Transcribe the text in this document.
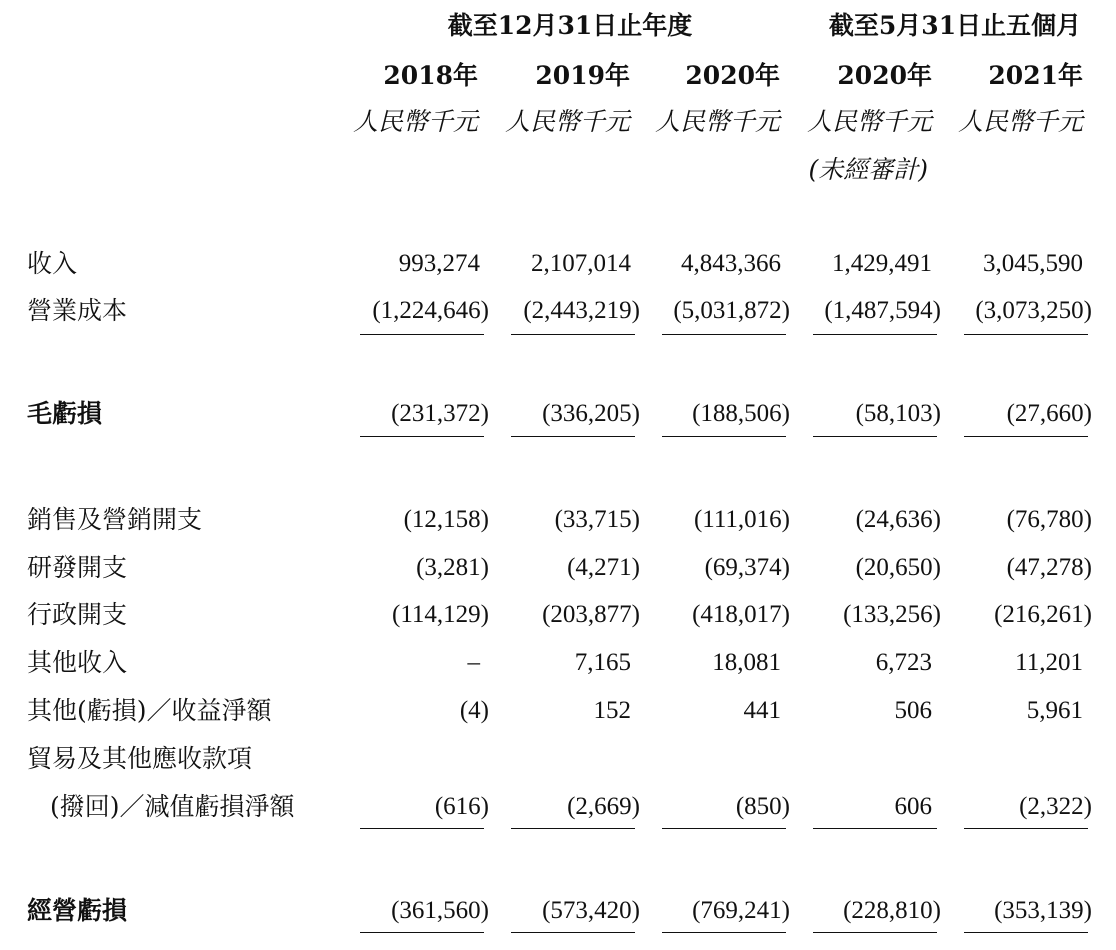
截至12月31日止年度	截至5月31日止五個月
2018年	2019年	2020年	2020年	2021年
人民幣千元	人民幣千元 人民幣千元	人民幣千元	人民幣千元
(未經審計)
收入	993,274	2,107,014	4,843,366	1,429,491	3,045,590
營業成本	(1,224,646)	(2,443,219)	(5,031,872)	(1,487,594)	(3,073,250)
毛虧損	(231,372)	(336,205)	(188,506)	(58,103)	(27,660)
銷售及營銷開支	(12,158)	(33,715)	(111,016)	(24,636)	(76,780)
研發開支	(3,281)	(4,271)	(69,374)	(20,650)	(47,278)
行政開支	(114,129)	(203,877)	(418,017)	(133,256)	(216,261)
其他收入	–	7,165	18,081	6,723	11,201
其他(虧損)／收益淨額	(4)	152	441	506	5,961
貿易及其他應收款項
(撥回)／減值虧損淨額	(616)	(2,669)	(850)	606	(2,322)
經營虧損	(361,560)	(573,420)	(769,241)	(228,810)	(353,139)
